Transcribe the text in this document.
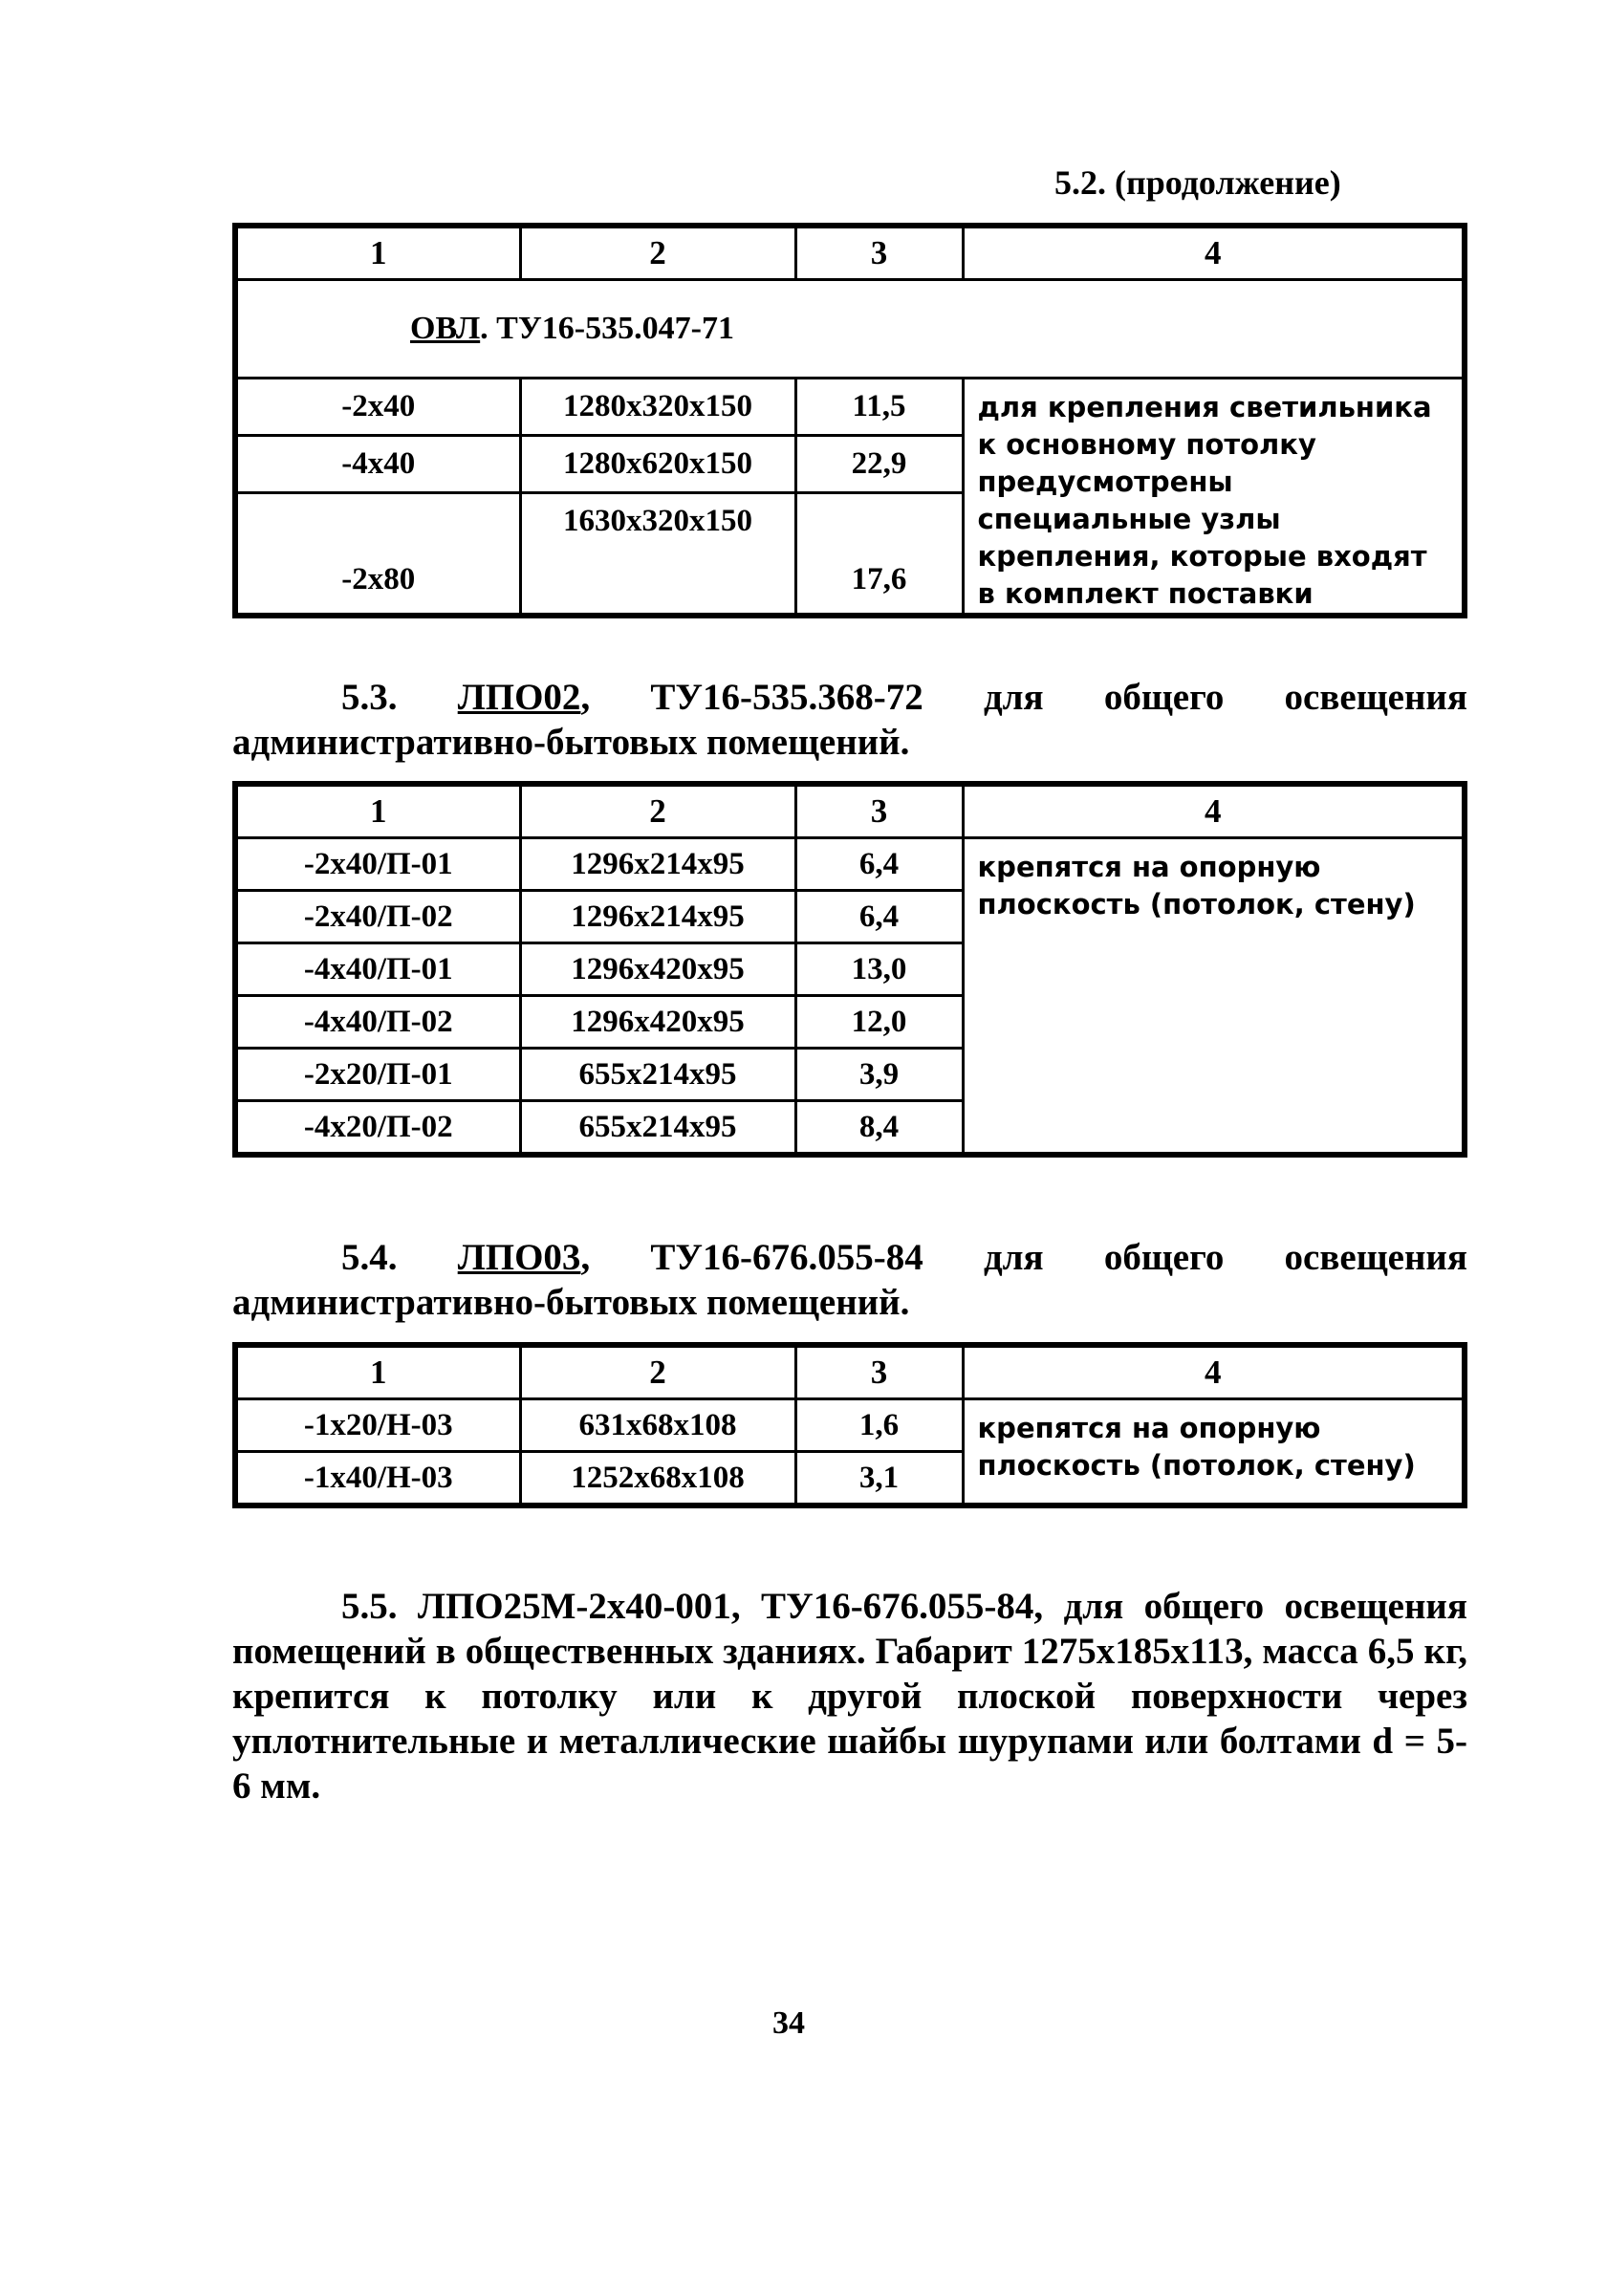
5.2. (продолжение)
1	2	3	4
ОВЛ. ТУ16-535.047-71			
-2х40	1280х320х150	11,5	для крепления светильника к основному потолку предусмотрены специальные узлы крепления, которые входят в комплект поставки
-4х40	1280х620х150	22,9	
-2х80	1630х320х150	17,6	
5.3. ЛПО02, ТУ16-535.368-72 для общего освещения административно-бытовых помещений.
1	2	3	4
-2х40/П-01	1296х214х95	6,4	крепятся на опорную плоскость (потолок, стену)
-2х40/П-02	1296х214х95	6,4	
-4х40/П-01	1296х420х95	13,0	
-4х40/П-02	1296х420х95	12,0	
-2х20/П-01	655х214х95	3,9	
-4х20/П-02	655х214х95	8,4	
5.4. ЛПО03, ТУ16-676.055-84 для общего освещения административно-бытовых помещений.
1	2	3	4
-1х20/Н-03	631х68х108	1,6	крепятся на опорную плоскость (потолок, стену)
-1х40/Н-03	1252х68х108	3,1	
5.5. ЛПО25М-2х40-001, ТУ16-676.055-84, для общего освещения помещений в общественных зданиях. Габарит 1275х185х113, масса 6,5 кг, крепится к потолку или к другой плоской поверхности через уплотнительные и металлические шайбы шурупами или болтами d = 5-6 мм.
34
